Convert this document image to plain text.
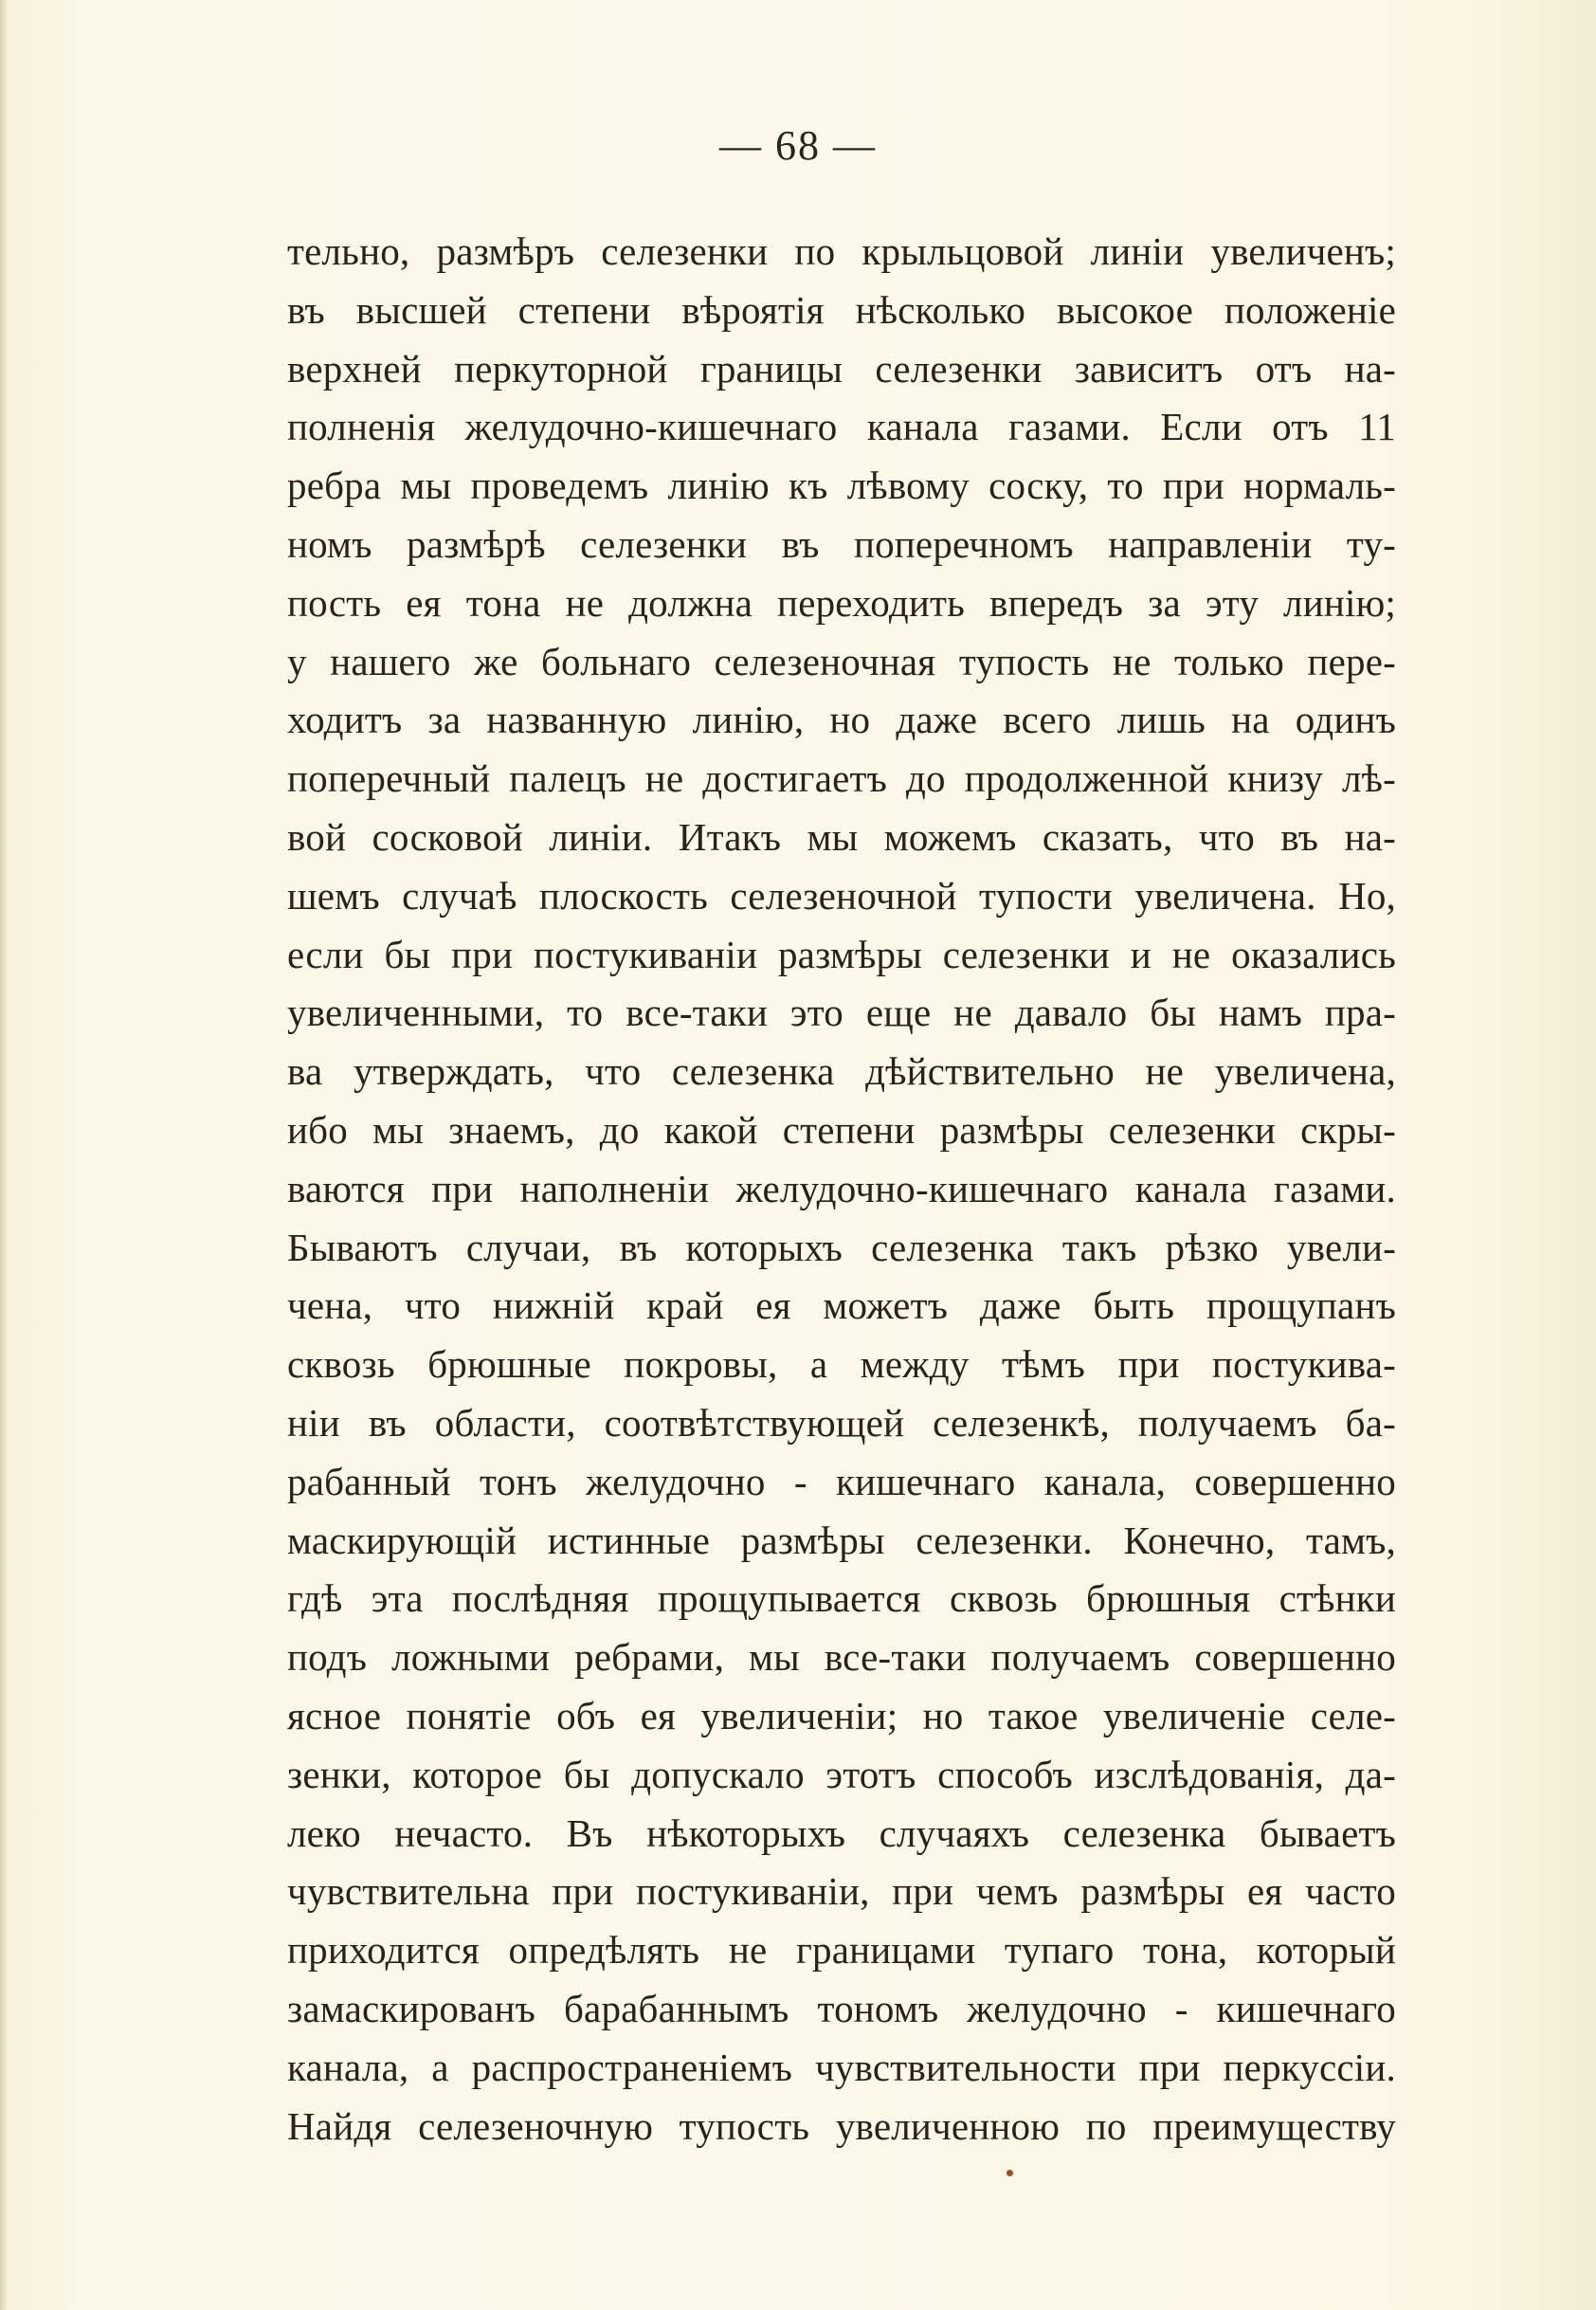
— 68 —
тельно, размѣръ селезенки по крыльцовой линіи увеличенъ;
въ высшей степени вѣроятія нѣсколько высокое положеніе
верхней перкуторной границы селезенки зависитъ отъ на-
полненія желудочно-кишечнаго канала газами. Если отъ 11
ребра мы проведемъ линію къ лѣвому соску, то при нормаль-
номъ размѣрѣ селезенки въ поперечномъ направленіи ту-
пость ея тона не должна переходить впередъ за эту линію;
у нашего же больнаго селезеночная тупость не только пере-
ходитъ за названную линію, но даже всего лишь на одинъ
поперечный палецъ не достигаетъ до продолженной книзу лѣ-
вой сосковой линіи. Итакъ мы можемъ сказать, что въ на-
шемъ случаѣ плоскость селезеночной тупости увеличена. Но,
если бы при постукиваніи размѣры селезенки и не оказались
увеличенными, то все-таки это еще не давало бы намъ пра-
ва утверждать, что селезенка дѣйствительно не увеличена,
ибо мы знаемъ, до какой степени размѣры селезенки скры-
ваются при наполненіи желудочно-кишечнаго канала газами.
Бываютъ случаи, въ которыхъ селезенка такъ рѣзко увели-
чена, что нижній край ея можетъ даже быть прощупанъ
сквозь брюшные покровы, а между тѣмъ при постукива-
ніи въ области, соотвѣтствующей селезенкѣ, получаемъ ба-
рабанный тонъ желудочно - кишечнаго канала, совершенно
маскирующій истинные размѣры селезенки. Конечно, тамъ,
гдѣ эта послѣдняя прощупывается сквозь брюшныя стѣнки
подъ ложными ребрами, мы все-таки получаемъ совершенно
ясное понятіе объ ея увеличеніи; но такое увеличеніе селе-
зенки, которое бы допускало этотъ способъ изслѣдованія, да-
леко нечасто. Въ нѣкоторыхъ случаяхъ селезенка бываетъ
чувствительна при постукиваніи, при чемъ размѣры ея часто
приходится опредѣлять не границами тупаго тона, который
замаскированъ барабаннымъ тономъ желудочно - кишечнаго
канала, а распространеніемъ чувствительности при перкуссіи.
Найдя селезеночную тупость увеличенною по преимуществу
